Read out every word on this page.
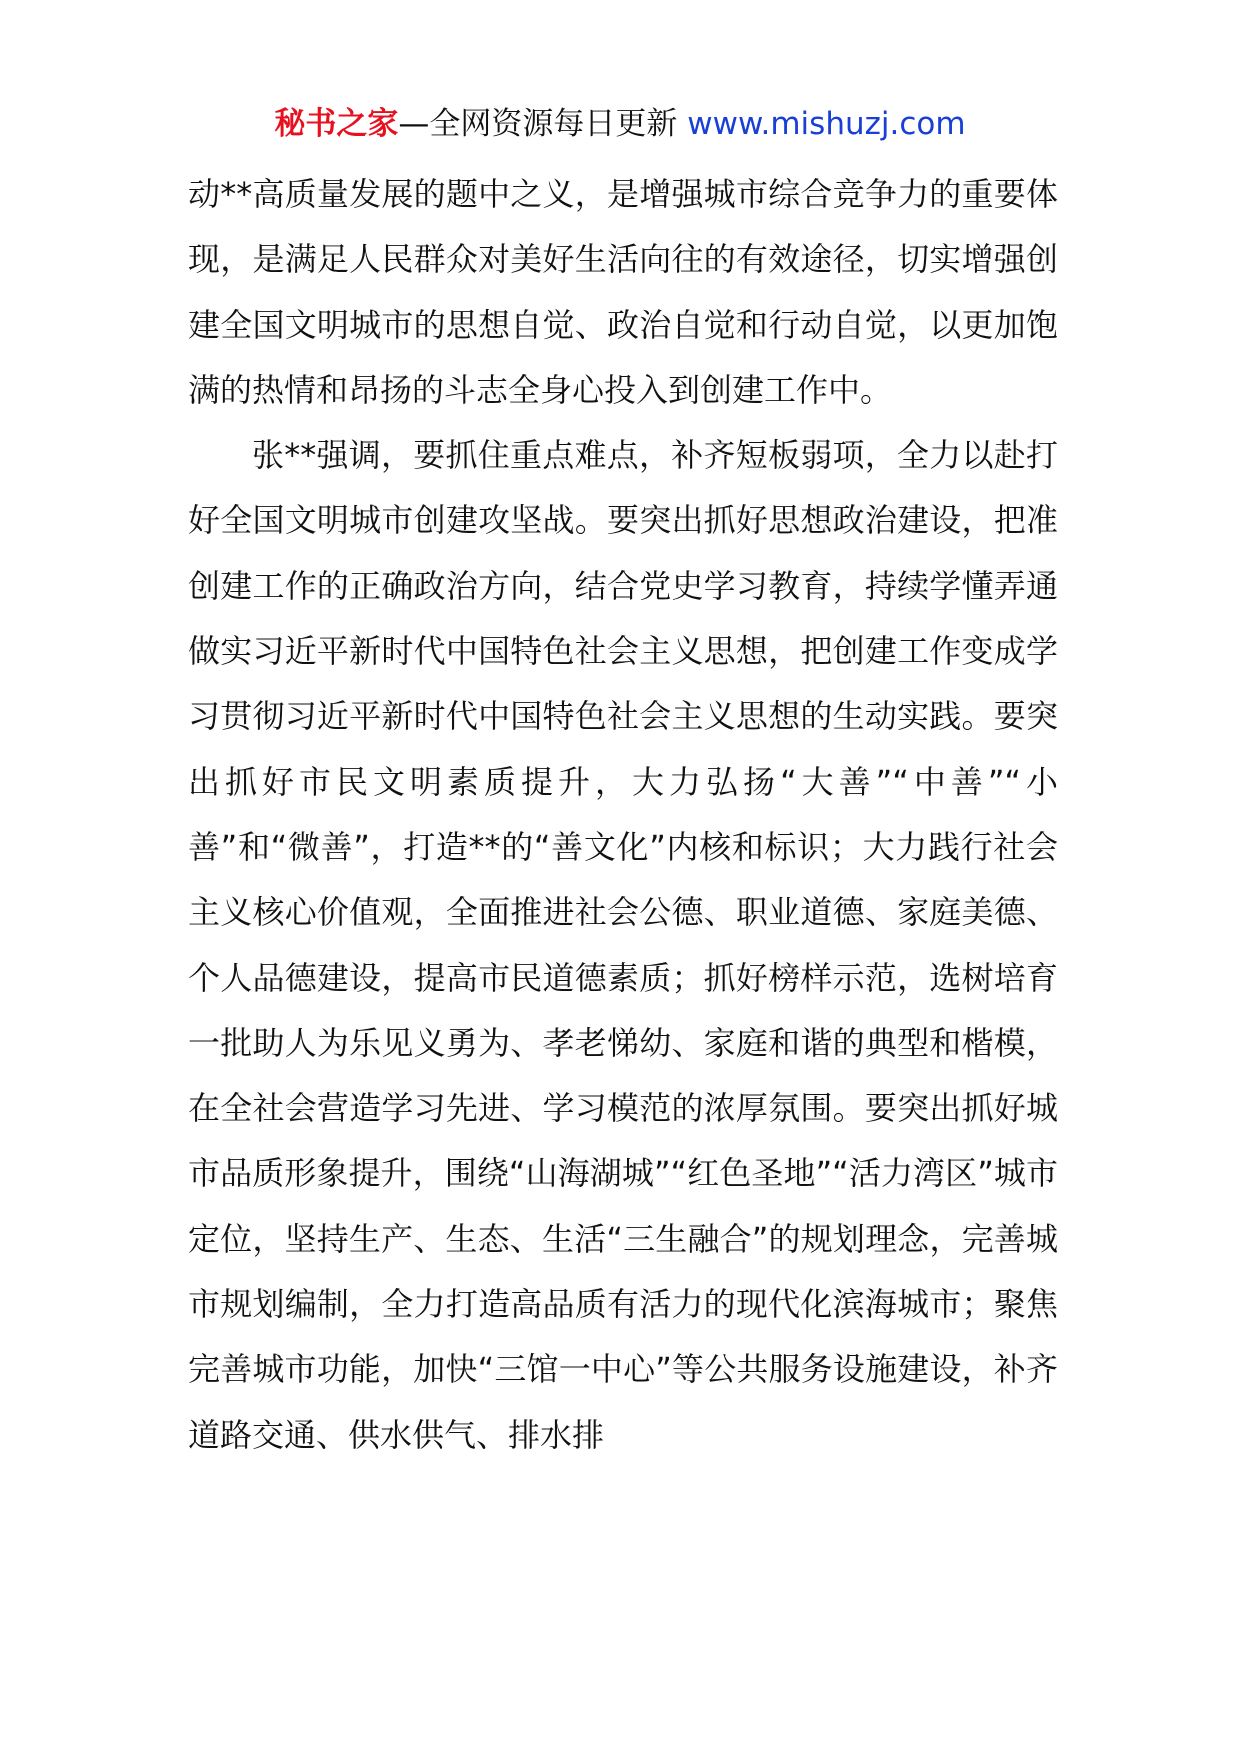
秘书之家—全网资源每日更新 www.mishuzj.com

动**高质量发展的题中之义，是增强城市综合竞争力的重要体现，是满足人民群众对美好生活向往的有效途径，切实增强创建全国文明城市的思想自觉、政治自觉和行动自觉，以更加饱满的热情和昂扬的斗志全身心投入到创建工作中。

张**强调，要抓住重点难点，补齐短板弱项，全力以赴打好全国文明城市创建攻坚战。要突出抓好思想政治建设，把准创建工作的正确政治方向，结合党史学习教育，持续学懂弄通做实习近平新时代中国特色社会主义思想，把创建工作变成学习贯彻习近平新时代中国特色社会主义思想的生动实践。要突出抓好市民文明素质提升，大力弘扬“大善”“中善”“小善”和“微善”，打造**的“善文化”内核和标识；大力践行社会主义核心价值观，全面推进社会公德、职业道德、家庭美德、个人品德建设，提高市民道德素质；抓好榜样示范，选树培育一批助人为乐见义勇为、孝老悌幼、家庭和谐的典型和楷模，在全社会营造学习先进、学习模范的浓厚氛围。要突出抓好城市品质形象提升，围绕“山海湖城”“红色圣地”“活力湾区”城市定位，坚持生产、生态、生活“三生融合”的规划理念，完善城市规划编制，全力打造高品质有活力的现代化滨海城市；聚焦完善城市功能，加快“三馆一中心”等公共服务设施建设，补齐道路交通、供水供气、排水排
